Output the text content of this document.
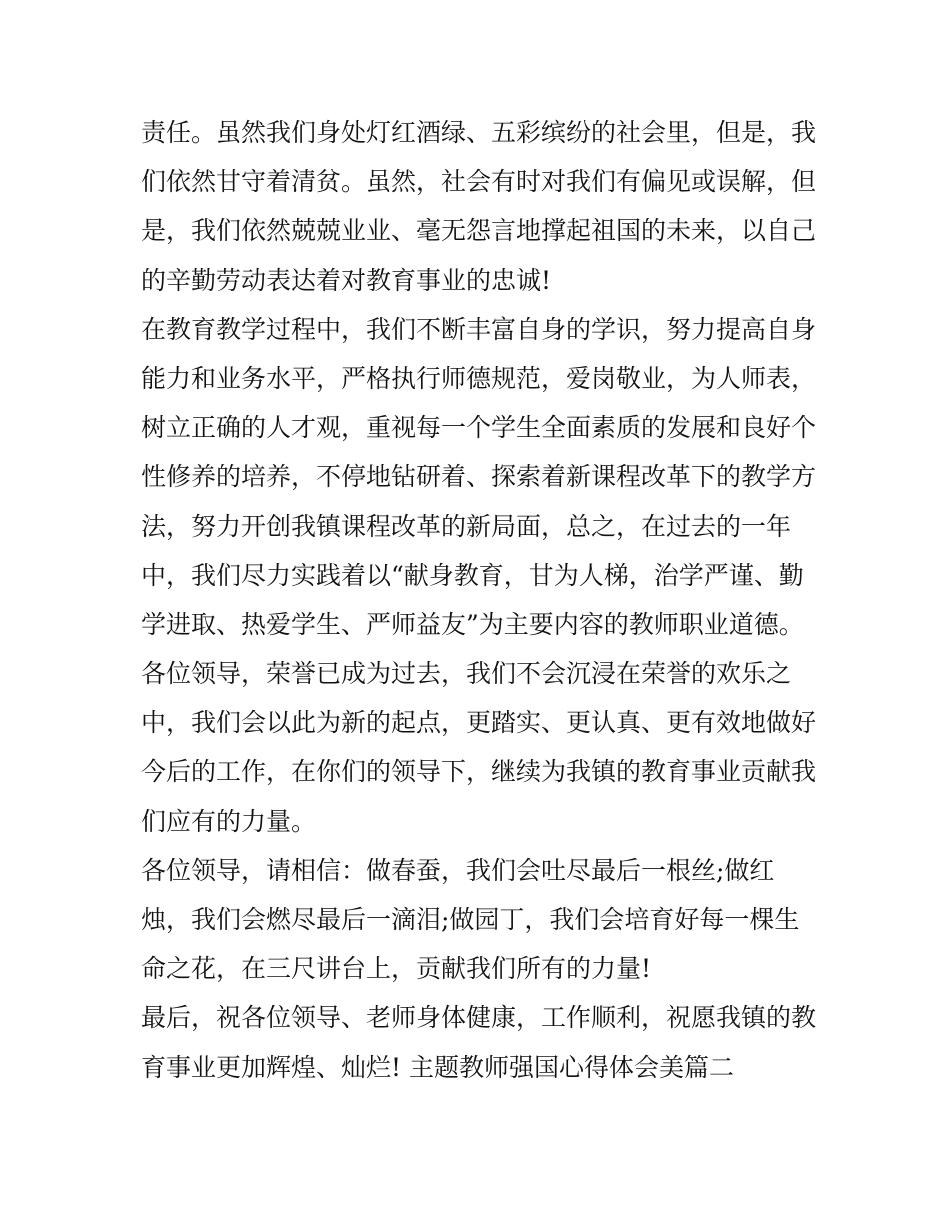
责任。虽然我们身处灯红酒绿、五彩缤纷的社会里，但是，我
们依然甘守着清贫。虽然，社会有时对我们有偏见或误解，但
是，我们依然兢兢业业、毫无怨言地撑起祖国的未来，以自己
的辛勤劳动表达着对教育事业的忠诚!
在教育教学过程中，我们不断丰富自身的学识，努力提高自身
能力和业务水平，严格执行师德规范，爱岗敬业，为人师表，
树立正确的人才观，重视每一个学生全面素质的发展和良好个
性修养的培养，不停地钻研着、探索着新课程改革下的教学方
法，努力开创我镇课程改革的新局面，总之，在过去的一年
中，我们尽力实践着以“献身教育，甘为人梯，治学严谨、勤
学进取、热爱学生、严师益友”为主要内容的教师职业道德。
各位领导，荣誉已成为过去，我们不会沉浸在荣誉的欢乐之
中，我们会以此为新的起点，更踏实、更认真、更有效地做好
今后的工作，在你们的领导下，继续为我镇的教育事业贡献我
们应有的力量。
各位领导，请相信：做春蚕，我们会吐尽最后一根丝;做红
烛，我们会燃尽最后一滴泪;做园丁，我们会培育好每一棵生
命之花，在三尺讲台上，贡献我们所有的力量!
最后，祝各位领导、老师身体健康，工作顺利，祝愿我镇的教
育事业更加辉煌、灿烂! 主题教师强国心得体会美篇二
